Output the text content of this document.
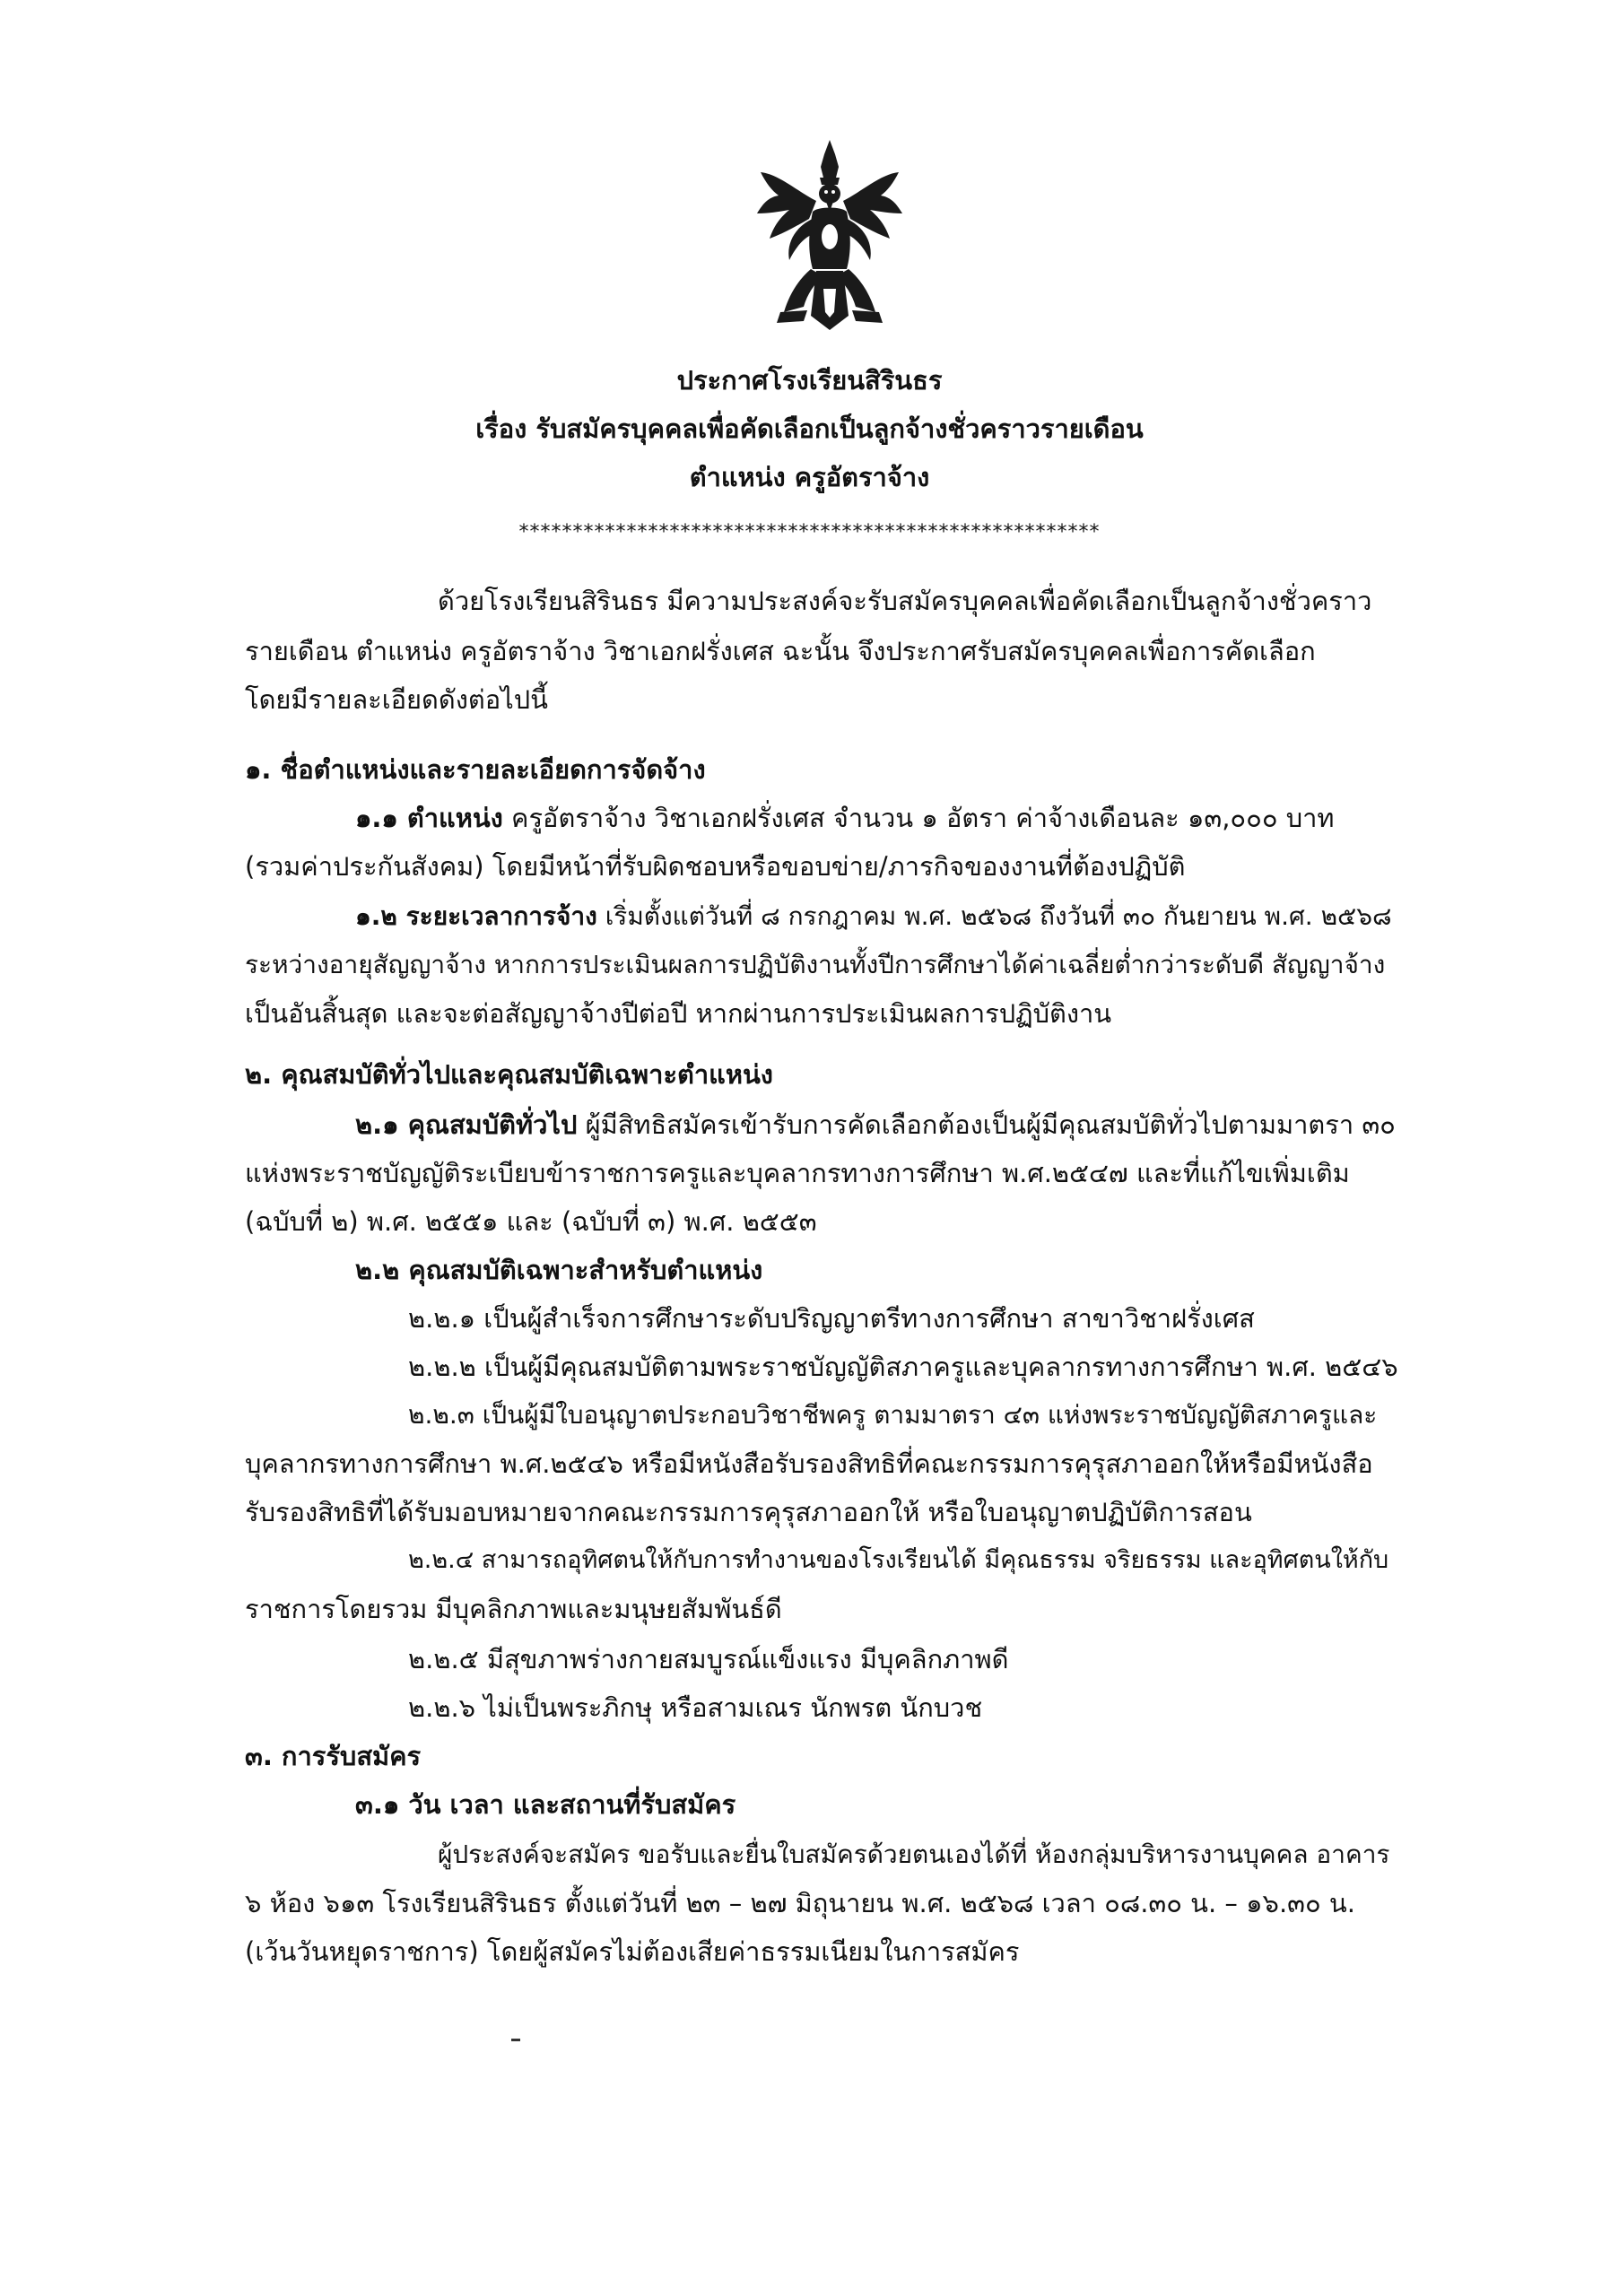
ประกาศโรงเรียนสิรินธร
เรื่อง รับสมัครบุคคลเพื่อคัดเลือกเป็นลูกจ้างชั่วคราวรายเดือน
ตำแหน่ง ครูอัตราจ้าง
******************************************************
ด้วยโรงเรียนสิรินธร มีความประสงค์จะรับสมัครบุคคลเพื่อคัดเลือกเป็นลูกจ้างชั่วคราว
รายเดือน ตำแหน่ง ครูอัตราจ้าง วิชาเอกฝรั่งเศส ฉะนั้น จึงประกาศรับสมัครบุคคลเพื่อการคัดเลือก
โดยมีรายละเอียดดังต่อไปนี้
๑. ชื่อตำแหน่งและรายละเอียดการจัดจ้าง
๑.๑ ตำแหน่ง ครูอัตราจ้าง วิชาเอกฝรั่งเศส จำนวน ๑ อัตรา ค่าจ้างเดือนละ ๑๓,๐๐๐ บาท
(รวมค่าประกันสังคม) โดยมีหน้าที่รับผิดชอบหรือขอบข่าย/ภารกิจของงานที่ต้องปฏิบัติ
๑.๒ ระยะเวลาการจ้าง เริ่มตั้งแต่วันที่ ๘ กรกฎาคม พ.ศ. ๒๕๖๘ ถึงวันที่ ๓๐ กันยายน พ.ศ. ๒๕๖๘
ระหว่างอายุสัญญาจ้าง หากการประเมินผลการปฏิบัติงานทั้งปีการศึกษาได้ค่าเฉลี่ยต่ำกว่าระดับดี สัญญาจ้าง
เป็นอันสิ้นสุด และจะต่อสัญญาจ้างปีต่อปี หากผ่านการประเมินผลการปฏิบัติงาน
๒. คุณสมบัติทั่วไปและคุณสมบัติเฉพาะตำแหน่ง
๒.๑ คุณสมบัติทั่วไป ผู้มีสิทธิสมัครเข้ารับการคัดเลือกต้องเป็นผู้มีคุณสมบัติทั่วไปตามมาตรา ๓๐
แห่งพระราชบัญญัติระเบียบข้าราชการครูและบุคลากรทางการศึกษา พ.ศ.๒๕๔๗ และที่แก้ไขเพิ่มเติม
(ฉบับที่ ๒) พ.ศ. ๒๕๕๑ และ (ฉบับที่ ๓) พ.ศ. ๒๕๕๓
๒.๒ คุณสมบัติเฉพาะสำหรับตำแหน่ง
๒.๒.๑ เป็นผู้สำเร็จการศึกษาระดับปริญญาตรีทางการศึกษา สาขาวิชาฝรั่งเศส
๒.๒.๒ เป็นผู้มีคุณสมบัติตามพระราชบัญญัติสภาครูและบุคลากรทางการศึกษา พ.ศ. ๒๕๔๖
๒.๒.๓ เป็นผู้มีใบอนุญาตประกอบวิชาชีพครู ตามมาตรา ๔๓ แห่งพระราชบัญญัติสภาครูและ
บุคลากรทางการศึกษา พ.ศ.๒๕๔๖ หรือมีหนังสือรับรองสิทธิที่คณะกรรมการคุรุสภาออกให้หรือมีหนังสือ
รับรองสิทธิที่ได้รับมอบหมายจากคณะกรรมการคุรุสภาออกให้ หรือใบอนุญาตปฏิบัติการสอน
๒.๒.๔ สามารถอุทิศตนให้กับการทำงานของโรงเรียนได้ มีคุณธรรม จริยธรรม และอุทิศตนให้กับ
ราชการโดยรวม มีบุคลิกภาพและมนุษยสัมพันธ์ดี
๒.๒.๕ มีสุขภาพร่างกายสมบูรณ์แข็งแรง มีบุคลิกภาพดี
๒.๒.๖ ไม่เป็นพระภิกษุ หรือสามเณร นักพรต นักบวช
๓. การรับสมัคร
๓.๑ วัน เวลา และสถานที่รับสมัคร
ผู้ประสงค์จะสมัคร ขอรับและยื่นใบสมัครด้วยตนเองได้ที่ ห้องกลุ่มบริหารงานบุคคล อาคาร
๖ ห้อง ๖๑๓ โรงเรียนสิรินธร ตั้งแต่วันที่ ๒๓ – ๒๗ มิถุนายน พ.ศ. ๒๕๖๘ เวลา ๐๘.๓๐ น. – ๑๖.๓๐ น.
(เว้นวันหยุดราชการ) โดยผู้สมัครไม่ต้องเสียค่าธรรมเนียมในการสมัคร
